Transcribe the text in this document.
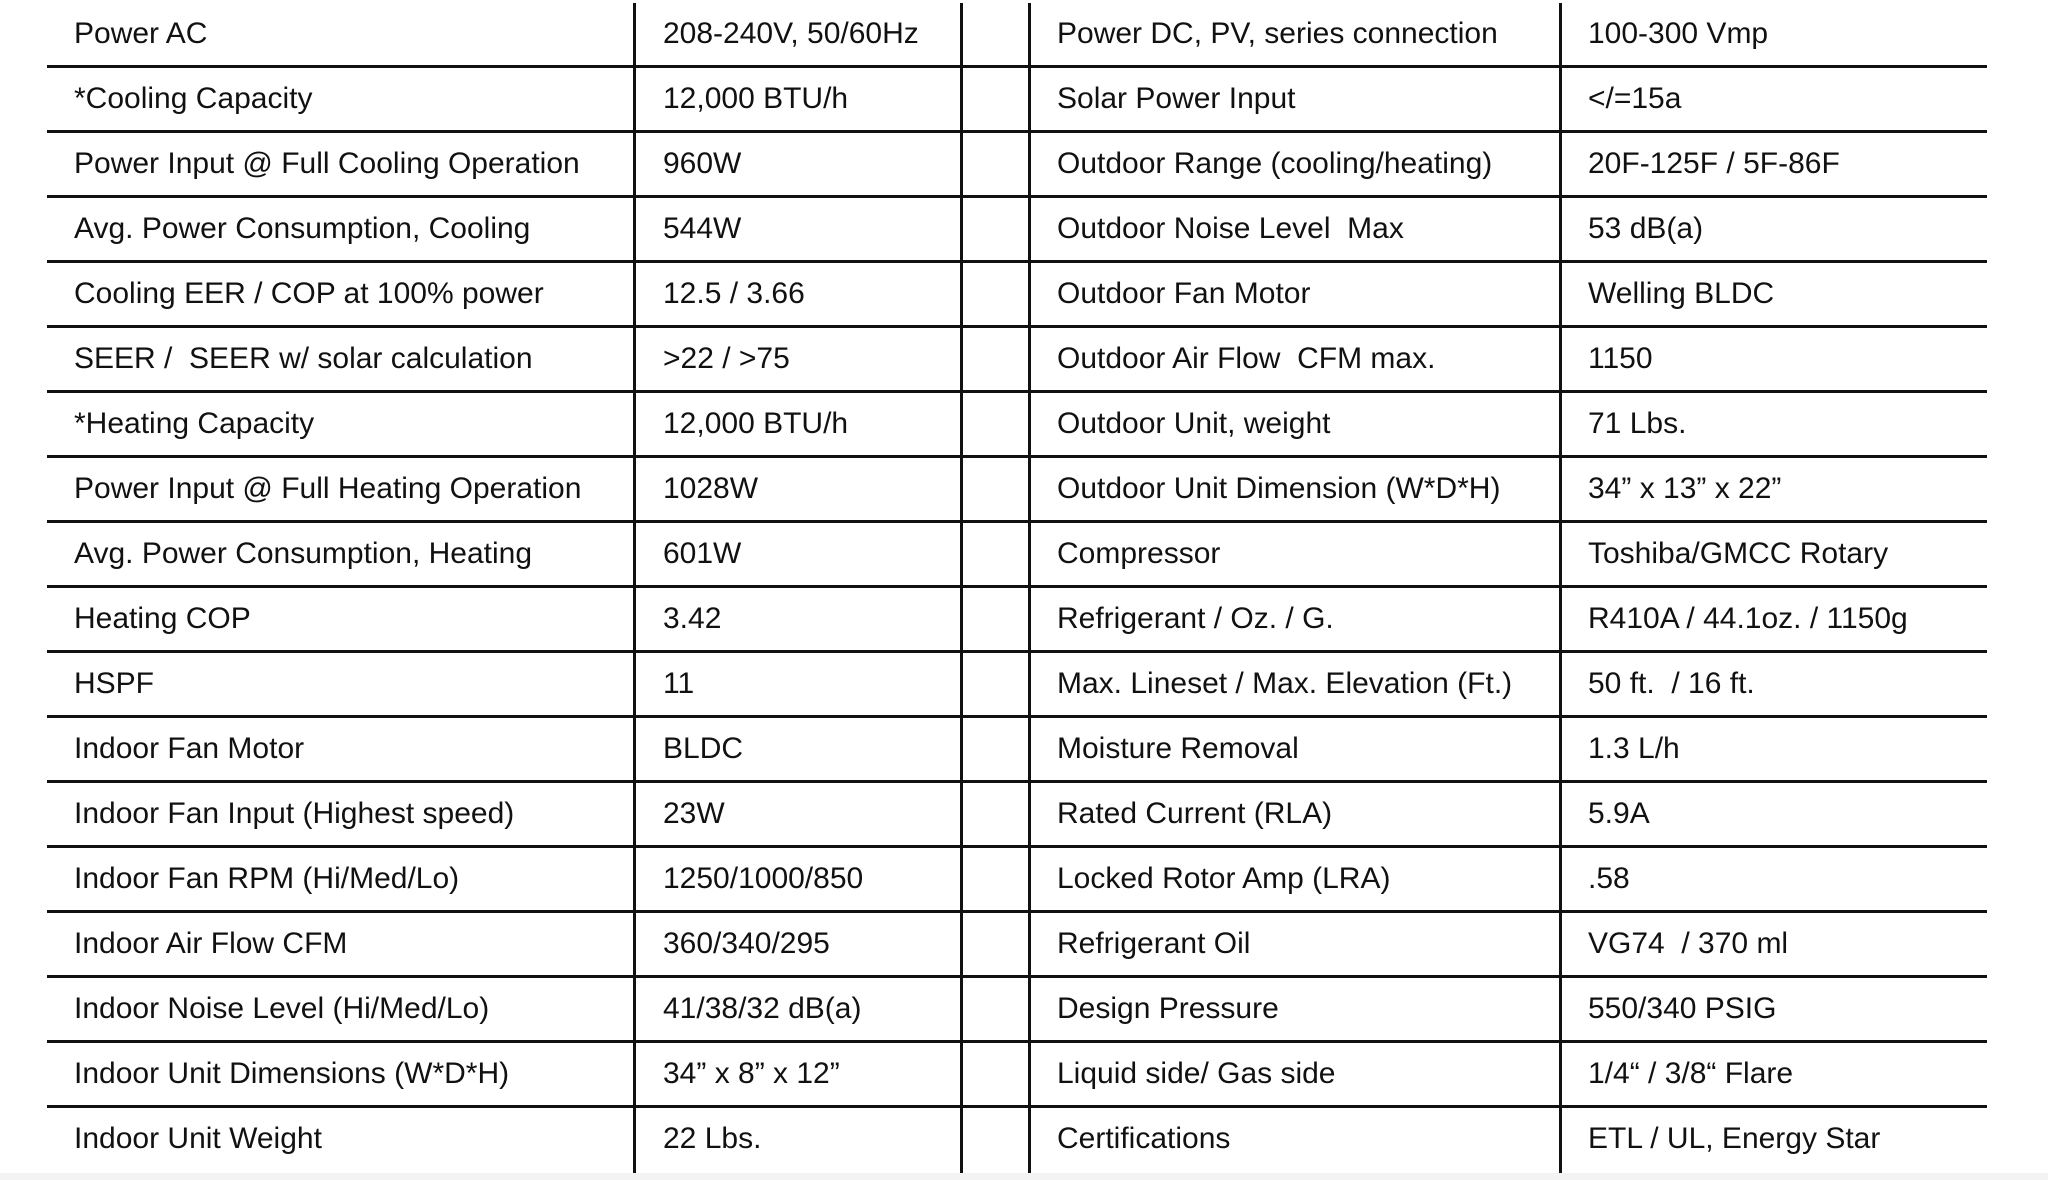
Indoor Unit Weight	22 Lbs.	Certifications	ETL / UL, Energy Star
Indoor Unit Dimensions (W*D*H)	34” x 8” x 12”	Liquid side/ Gas side	1/4“ / 3/8“ Flare
Indoor Noise Level (Hi/Med/Lo)	41/38/32 dB(a)	Design Pressure	550/340 PSIG
Indoor Air Flow CFM	360/340/295	Refrigerant Oil	VG74  / 370 ml
Indoor Fan RPM (Hi/Med/Lo)	1250/1000/850	Locked Rotor Amp (LRA)	.58
Indoor Fan Input (Highest speed)	23W	Rated Current (RLA)	5.9A
Indoor Fan Motor	BLDC	Moisture Removal	1.3 L/h
HSPF	11	Max. Lineset / Max. Elevation (Ft.)	50 ft.  / 16 ft.
Heating COP	3.42	Refrigerant / Oz. / G.	R410A / 44.1oz. / 1150g
Avg. Power Consumption, Heating	601W	Compressor	Toshiba/GMCC Rotary
Power Input @ Full Heating Operation	1028W	Outdoor Unit Dimension (W*D*H)	34” x 13” x 22”
*Heating Capacity	12,000 BTU/h	Outdoor Unit, weight	71 Lbs.
SEER /  SEER w/ solar calculation	>22 / >75	Outdoor Air Flow  CFM max.	1150
Cooling EER / COP at 100% power	12.5 / 3.66	Outdoor Fan Motor	Welling BLDC
Avg. Power Consumption, Cooling	544W	Outdoor Noise Level  Max	53 dB(a)
Power Input @ Full Cooling Operation	960W	Outdoor Range (cooling/heating)	20F-125F / 5F-86F
*Cooling Capacity	12,000 BTU/h	Solar Power Input	</=15a
Power AC	208-240V, 50/60Hz	Power DC, PV, series connection	100-300 Vmp
